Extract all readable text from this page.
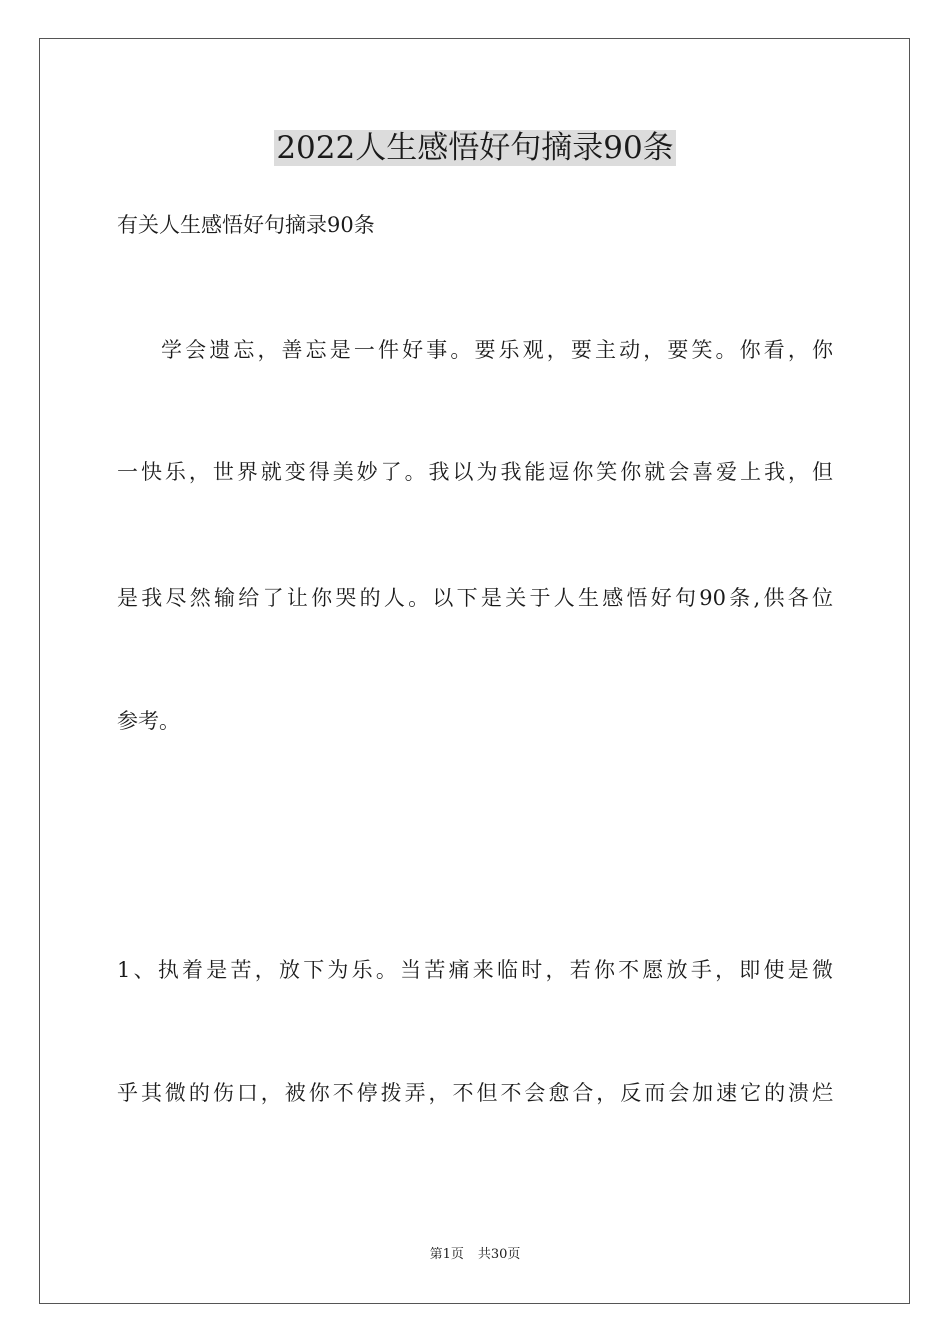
2022人生感悟好句摘录90条

有关人生感悟好句摘录90条

学会遗忘，善忘是一件好事。要乐观，要主动，要笑。你看，你

一快乐，世界就变得美妙了。我以为我能逗你笑你就会喜爱上我，但

是我尽然输给了让你哭的人。以下是关于人生感悟好句90条,供各位

参考。

1、执着是苦，放下为乐。当苦痛来临时，若你不愿放手，即使是微

乎其微的伤口，被你不停拨弄，不但不会愈合，反而会加速它的溃烂

第1页 共30页
